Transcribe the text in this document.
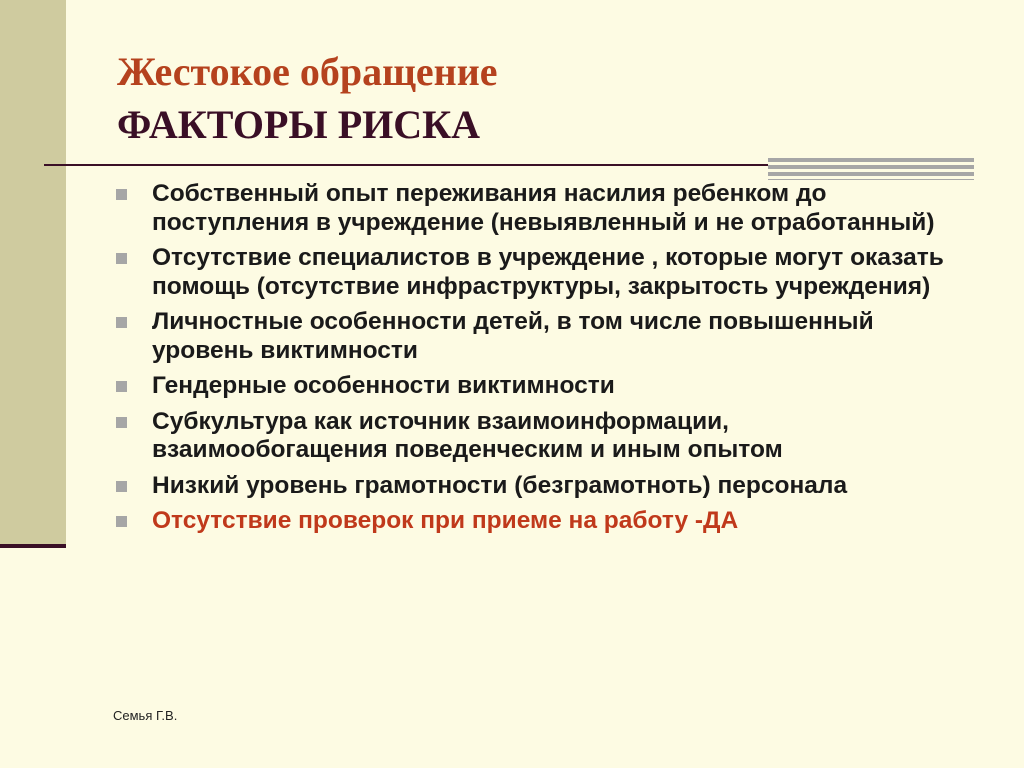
Жестокое обращение
ФАКТОРЫ РИСКА
Собственный опыт переживания насилия ребенком до поступления в учреждение (невыявленный и не отработанный)
Отсутствие специалистов в учреждение , которые могут оказать помощь (отсутствие инфраструктуры, закрытость учреждения)
Личностные особенности детей, в том числе повышенный уровень виктимности
Гендерные особенности виктимности
Субкультура как источник взаимоинформации, взаимообогащения поведенческим и иным опытом
Низкий уровень грамотности (безграмотноть) персонала
Отсутствие проверок при приеме на работу -ДА
Семья Г.В.
